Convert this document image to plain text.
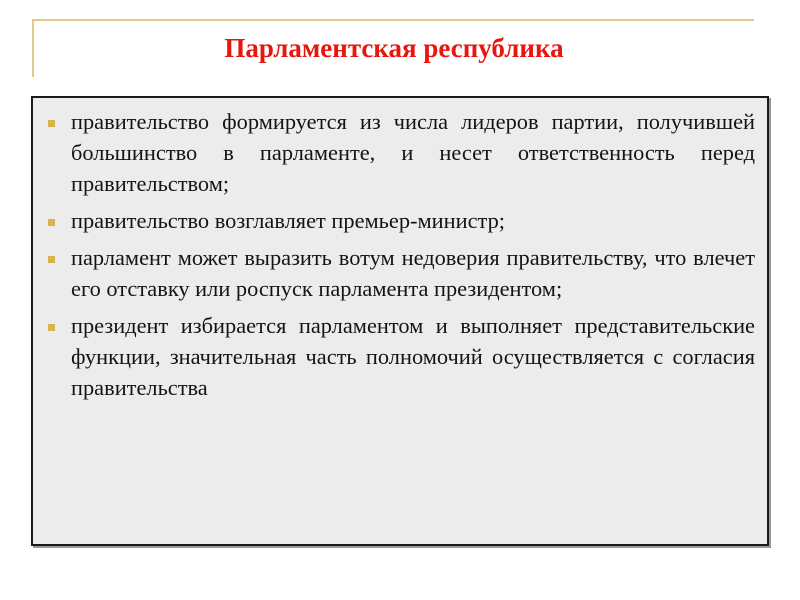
Парламентская республика
правительство формируется из числа лидеров партии, получившей большинство в парламенте, и несет ответственность перед правительством;
правительство возглавляет премьер-министр;
парламент может выразить вотум недоверия правительству, что влечет его отставку или роспуск парламента президентом;
президент избирается парламентом и выполняет представительские функции, значительная часть полномочий осуществляется с согласия правительства
